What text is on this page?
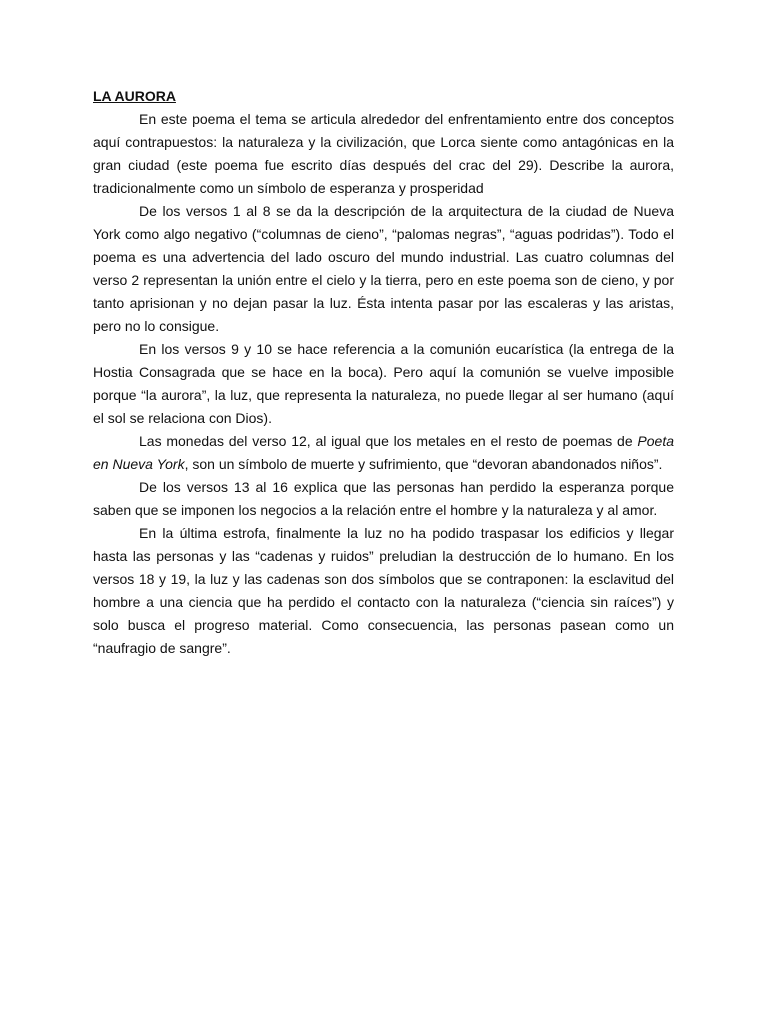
LA AURORA

En este poema el tema se articula alrededor del enfrentamiento entre dos conceptos aquí contrapuestos: la naturaleza y la civilización, que Lorca siente como antagónicas en la gran ciudad (este poema fue escrito días después del crac del 29). Describe la aurora, tradicionalmente como un símbolo de esperanza y prosperidad

De los versos 1 al 8 se da la descripción de la arquitectura de la ciudad de Nueva York como algo negativo (“columnas de cieno”, “palomas negras”, “aguas podridas”). Todo el poema es una advertencia del lado oscuro del mundo industrial. Las cuatro columnas del verso 2 representan la unión entre el cielo y la tierra, pero en este poema son de cieno, y por tanto aprisionan y no dejan pasar la luz. Ésta intenta pasar por las escaleras y las aristas, pero no lo consigue.

En los versos 9 y 10 se hace referencia a la comunión eucarística (la entrega de la Hostia Consagrada que se hace en la boca). Pero aquí la comunión se vuelve imposible porque “la aurora”, la luz, que representa la naturaleza, no puede llegar al ser humano (aquí el sol se relaciona con Dios).

Las monedas del verso 12, al igual que los metales en el resto de poemas de Poeta en Nueva York, son un símbolo de muerte y sufrimiento, que “devoran abandonados niños”.

De los versos 13 al 16 explica que las personas han perdido la esperanza porque saben que se imponen los negocios a la relación entre el hombre y la naturaleza y al amor.

En la última estrofa, finalmente la luz no ha podido traspasar los edificios y llegar hasta las personas y las “cadenas y ruidos” preludian la destrucción de lo humano. En los versos 18 y 19, la luz y las cadenas son dos símbolos que se contraponen: la esclavitud del hombre a una ciencia que ha perdido el contacto con la naturaleza (“ciencia sin raíces”) y solo busca el progreso material. Como consecuencia, las personas pasean como un “naufragio de sangre”.
